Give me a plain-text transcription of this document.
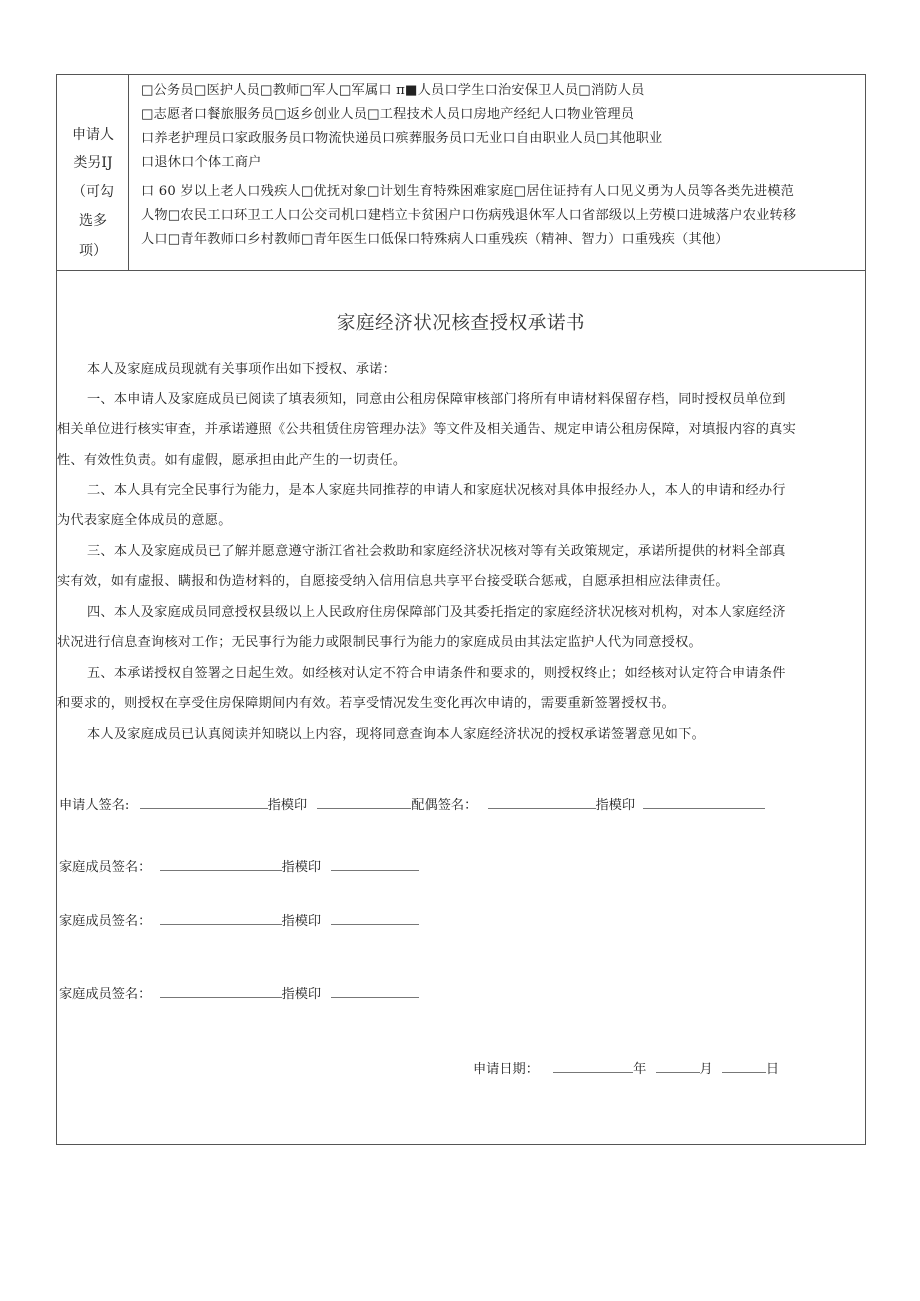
申请人
类另IJ
（可勾
选多
项）
□公务员□医护人员□教师□军人□军属口 π■人员口学生口治安保卫人员□消防人员
□志愿者口餐旅服务员□返乡创业人员□工程技术人员口房地产经纪人口物业管理员
口养老护理员口家政服务员口物流快递员口殡葬服务员口无业口自由职业人员□其他职业
口退休口个体工商户
口 60 岁以上老人口残疾人□优抚对象□计划生育特殊困难家庭□居住证持有人口见义勇为人员等各类先进模范
人物□农民工口环卫工人口公交司机口建档立卡贫困户口伤病残退休军人口省部级以上劳模口进城落户农业转移
人口□青年教师口乡村教师□青年医生口低保口特殊病人口重残疾（精神、智力）口重残疾（其他）
家庭经济状况核查授权承诺书
本人及家庭成员现就有关事项作出如下授权、承诺：
一、本申请人及家庭成员已阅读了填表须知，同意由公租房保障审核部门将所有申请材料保留存档，同时授权员单位到
相关单位进行核实审查，并承诺遵照《公共租赁住房管理办法》等文件及相关通告、规定申请公租房保障，对填报内容的真实
性、有效性负责。如有虚假，愿承担由此产生的一切责任。
二、本人具有完全民事行为能力，是本人家庭共同推荐的申请人和家庭状况核对具体申报经办人，本人的申请和经办行
为代表家庭全体成员的意愿。
三、本人及家庭成员已了解并愿意遵守浙江省社会救助和家庭经济状况核对等有关政策规定，承诺所提供的材料全部真
实有效，如有虚报、瞒报和伪造材料的，自愿接受纳入信用信息共享平台接受联合惩戒，自愿承担相应法律责任。
四、本人及家庭成员同意授权县级以上人民政府住房保障部门及其委托指定的家庭经济状况核对机构，对本人家庭经济
状况进行信息查询核对工作；无民事行为能力或限制民事行为能力的家庭成员由其法定监护人代为同意授权。
五、本承诺授权自签署之日起生效。如经核对认定不符合申请条件和要求的，则授权终止；如经核对认定符合申请条件
和要求的，则授权在享受住房保障期间内有效。若享受情况发生变化再次申请的，需要重新签署授权书。
本人及家庭成员已认真阅读并知晓以上内容，现将同意查询本人家庭经济状况的授权承诺签署意见如下。
申请人签名:	指模印	配偶签名：	指模印
家庭成员签名：	指模印
家庭成员签名：	指模印
家庭成员签名：	指模印
申请日期：	年	月	日
